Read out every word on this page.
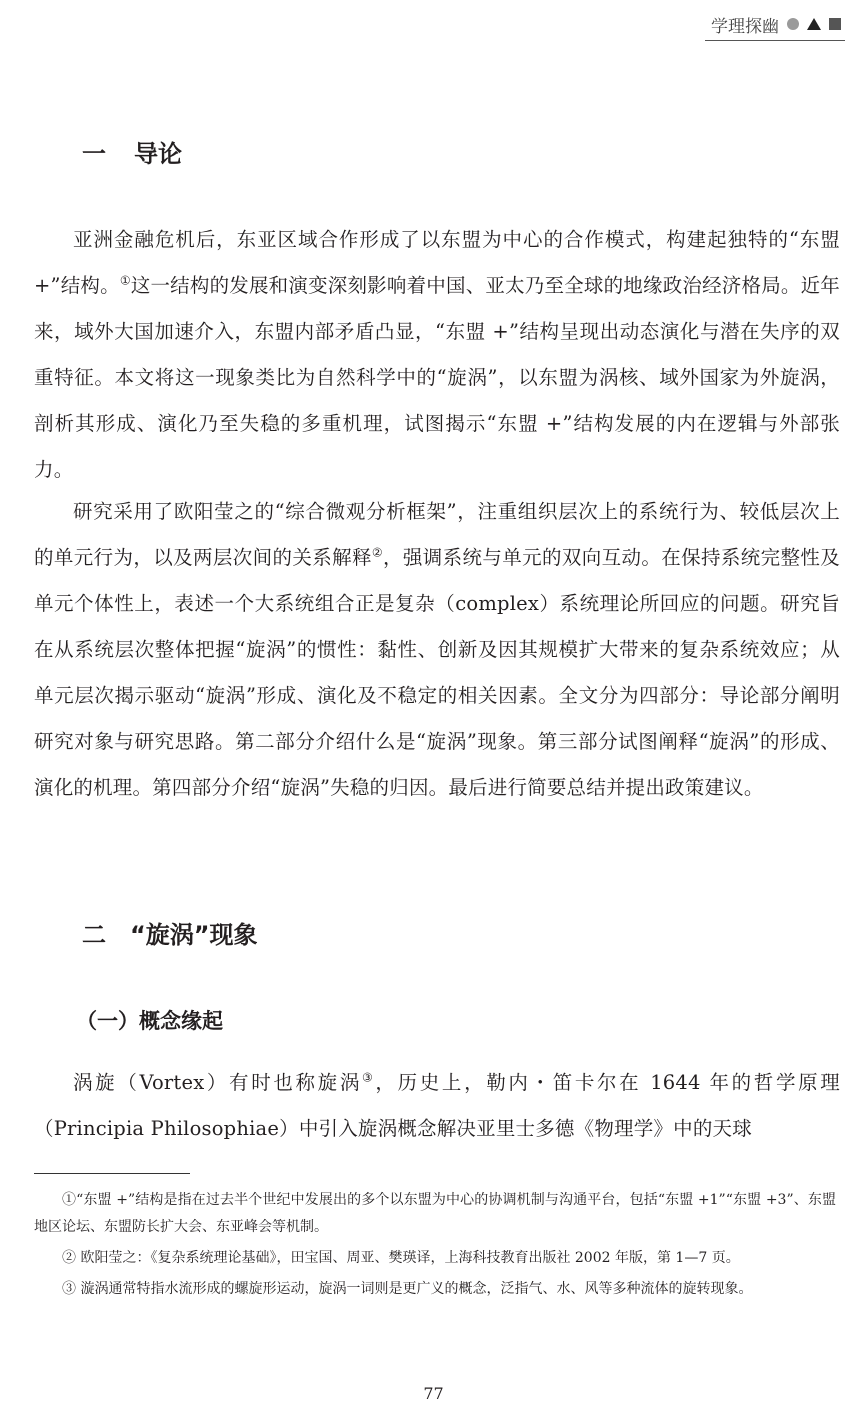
学理探幽
一 导论

亚洲金融危机后，东亚区域合作形成了以东盟为中心的合作模式，构建起独特的“东盟 +”结构。①这一结构的发展和演变深刻影响着中国、亚太乃至全球的地缘政治经济格局。近年来，域外大国加速介入，东盟内部矛盾凸显，“东盟 +”结构呈现出动态演化与潜在失序的双重特征。本文将这一现象类比为自然科学中的“旋涡”，以东盟为涡核、域外国家为外旋涡，剖析其形成、演化乃至失稳的多重机理，试图揭示“东盟 +”结构发展的内在逻辑与外部张力。

研究采用了欧阳莹之的“综合微观分析框架”，注重组织层次上的系统行为、较低层次上的单元行为，以及两层次间的关系解释②，强调系统与单元的双向互动。在保持系统完整性及单元个体性上，表述一个大系统组合正是复杂（complex）系统理论所回应的问题。研究旨在从系统层次整体把握“旋涡”的惯性：黏性、创新及因其规模扩大带来的复杂系统效应；从单元层次揭示驱动“旋涡”形成、演化及不稳定的相关因素。全文分为四部分：导论部分阐明研究对象与研究思路。第二部分介绍什么是“旋涡”现象。第三部分试图阐释“旋涡”的形成、演化的机理。第四部分介绍“旋涡”失稳的归因。最后进行简要总结并提出政策建议。

二 “旋涡”现象
（一）概念缘起

涡旋（Vortex）有时也称旋涡③，历史上，勒内・笛卡尔在 1644 年的哲学原理（Principia Philosophiae）中引入旋涡概念解决亚里士多德《物理学》中的天球

①“东盟 +”结构是指在过去半个世纪中发展出的多个以东盟为中心的协调机制与沟通平台，包括“东盟 +1”“东盟 +3”、东盟地区论坛、东盟防长扩大会、东亚峰会等机制。

② 欧阳莹之：《复杂系统理论基础》，田宝国、周亚、樊瑛译，上海科技教育出版社 2002 年版，第 1—7 页。

③ 漩涡通常特指水流形成的螺旋形运动，旋涡一词则是更广义的概念，泛指气、水、风等多种流体的旋转现象。

77
